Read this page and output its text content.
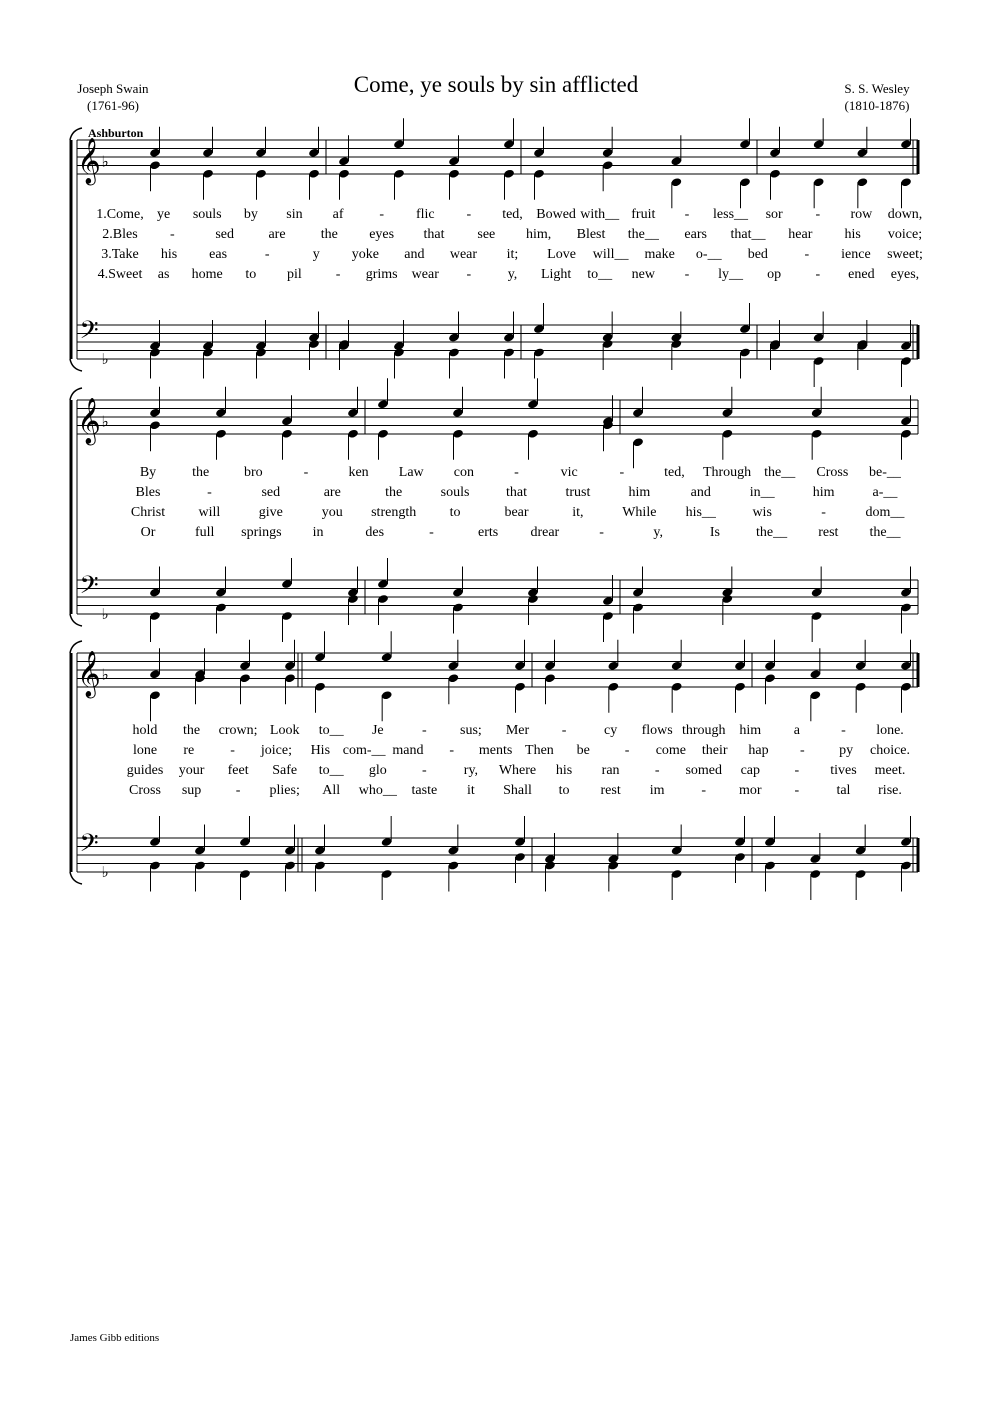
Come, ye souls by sin afflicted
Joseph Swain
(1761-96)
S. S. Wesley
(1810-1876)
Ashburton
𝄞 ♭
𝄢
♭
1.Come, ye souls by sin af	- flic - ted, Bowed with__ fruit - less__ sor - row down,
2.Bles -	sed are	the eyes that see him, Blest the__ ears that__ hear his voice;
3.Take his eas	-	y yoke and wear it; Love will__ make o-__ bed	- ience sweet;
4.Sweet as home to pil - grims wear -	y, Light to__ new - ly__ op - ened eyes,
𝄞 ♭
𝄢
♭
By	the bro	-	ken Law con	-	vic	-	ted, Through the__ Cross be-__
Bles	-	sed	are	the	souls	that	trust	him	and	in__	him	a-__
Christ will	give	you strength to	bear	it,	While his__	wis	-	dom__
Or	full springs in	des	-	erts drear	-	y,	Is	the__ rest the__
𝄞 ♭
𝄢
♭
hold the crown; Look to__ Je	- sus; Mer -	cy flows through him a	- lone.
lone re	- joice; His com-__ mand - ments Then be - come their hap - py choice.
guides your feet Safe to__ glo	-	ry, Where his ran	- somed cap - tives meet.
Cross sup - plies; All who__ taste it Shall to rest im	- mor -	tal rise.
James Gibb editions
